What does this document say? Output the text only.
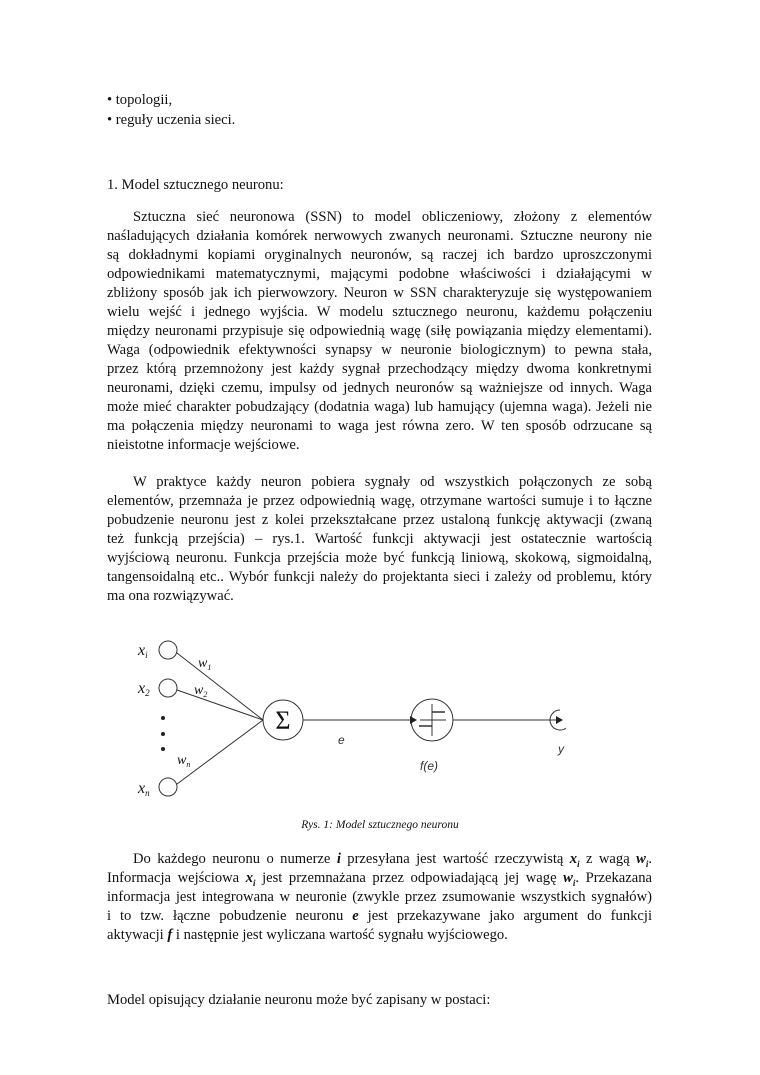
• topologii,
• reguły uczenia sieci.
1. Model sztucznego neuronu:
Sztuczna sieć neuronowa (SSN) to model obliczeniowy, złożony z elementów
naśladujących działania komórek nerwowych zwanych neuronami. Sztuczne neurony nie
są dokładnymi kopiami oryginalnych neuronów, są raczej ich bardzo uproszczonymi
odpowiednikami matematycznymi, mającymi podobne właściwości i działającymi w
zbliżony sposób jak ich pierwowzory. Neuron w SSN charakteryzuje się występowaniem
wielu wejść i jednego wyjścia. W modelu sztucznego neuronu, każdemu połączeniu
między neuronami przypisuje się odpowiednią wagę (siłę powiązania między elementami).
Waga (odpowiednik efektywności synapsy w neuronie biologicznym) to pewna stała,
przez którą przemnożony jest każdy sygnał przechodzący między dwoma konkretnymi
neuronami, dzięki czemu, impulsy od jednych neuronów są ważniejsze od innych. Waga
może mieć charakter pobudzający (dodatnia waga) lub hamujący (ujemna waga). Jeżeli nie
ma połączenia między neuronami to waga jest równa zero. W ten sposób odrzucane są
nieistotne informacje wejściowe.
W praktyce każdy neuron pobiera sygnały od wszystkich połączonych ze sobą
elementów, przemnaża je przez odpowiednią wagę, otrzymane wartości sumuje i to łączne
pobudzenie neuronu jest z kolei przekształcane przez ustaloną funkcję aktywacji (zwaną
też funkcją przejścia) – rys.1. Wartość funkcji aktywacji jest ostatecznie wartością
wyjściową neuronu. Funkcja przejścia może być funkcją liniową, skokową, sigmoidalną,
tangensoidalną etc.. Wybór funkcji należy do projektanta sieci i zależy od problemu, który
ma ona rozwiązywać.
xi
x2
xn
$w_1$
$w_2$
$w_n$
Σ
e
f(e)
y
Rys. 1: Model sztucznego neuronu
Do każdego neuronu o numerze i przesyłana jest wartość rzeczywistą $x_i$ z wagą $w_i$.
Informacja wejściowa $x_i$ jest przemnażana przez odpowiadającą jej wagę $w_i$. Przekazana
informacja jest integrowana w neuronie (zwykle przez zsumowanie wszystkich sygnałów)
i to tzw. łączne pobudzenie neuronu e jest przekazywane jako argument do funkcji
aktywacji f i następnie jest wyliczana wartość sygnału wyjściowego.
Model opisujący działanie neuronu może być zapisany w postaci:
